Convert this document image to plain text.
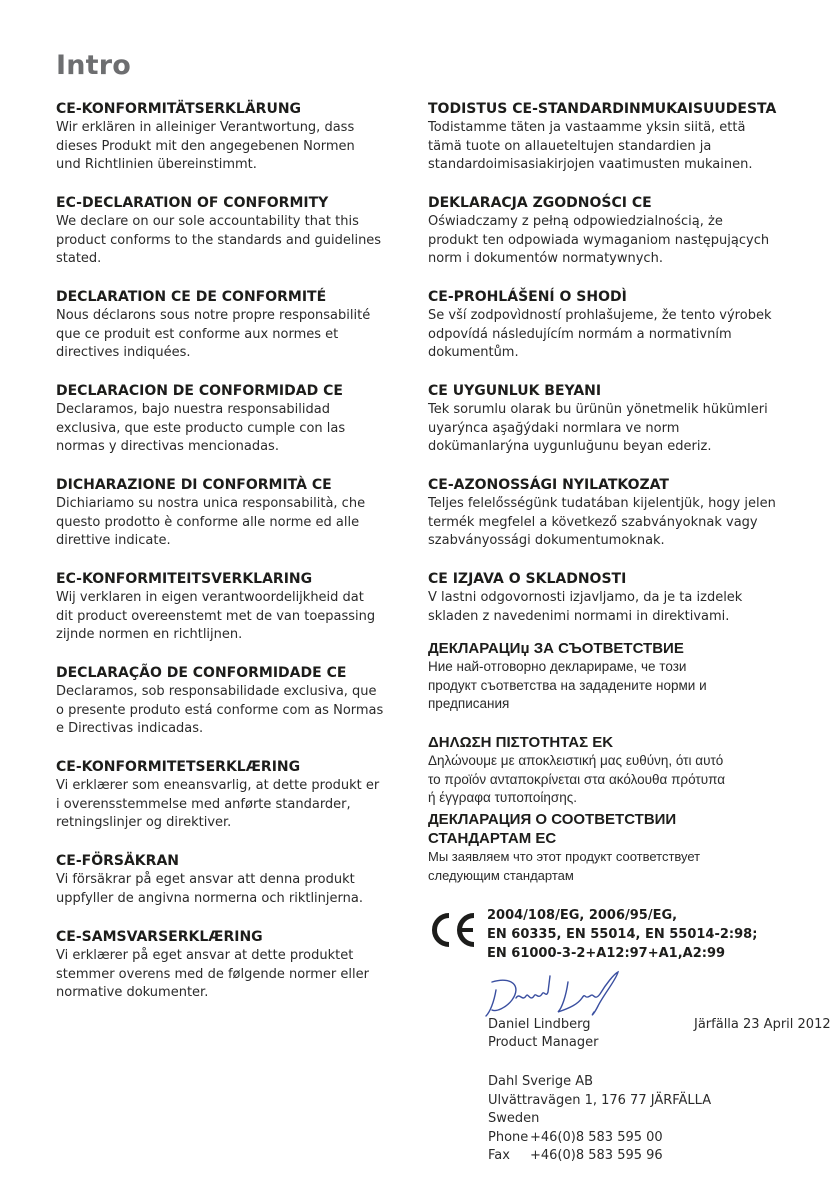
Intro
CE-KONFORMITÄTSERKLÄRUNG

Wir erklären in alleiniger Verantwortung, dass
dieses Produkt mit den angegebenen Normen
und Richtlinien übereinstimmt.

EC-DECLARATION OF CONFORMITY

We declare on our sole accountability that this
product conforms to the standards and guidelines
stated.

DECLARATION CE DE CONFORMITÉ

Nous déclarons sous notre propre responsabilité
que ce produit est conforme aux normes et
directives indiquées.

DECLARACION DE CONFORMIDAD CE

Declaramos, bajo nuestra responsabilidad
exclusiva, que este producto cumple con las
normas y directivas mencionadas.

DICHARAZIONE DI CONFORMITÀ CE

Dichiariamo su nostra unica responsabilità, che
questo prodotto è conforme alle norme ed alle
direttive indicate.

EC-KONFORMITEITSVERKLARING

Wij verklaren in eigen verantwoordelijkheid dat
dit product overeenstemt met de van toepassing
zijnde normen en richtlijnen.

DECLARAÇÃO DE CONFORMIDADE CE

Declaramos, sob responsabilidade exclusiva, que
o presente produto está conforme com as Normas
e Directivas indicadas.

CE-KONFORMITETSERKLÆRING

Vi erklærer som eneansvarlig, at dette produkt er
i overensstemmelse med anførte standarder,
retningslinjer og direktiver.

CE-FÖRSÄKRAN

Vi försäkrar på eget ansvar att denna produkt
uppfyller de angivna normerna och riktlinjerna.

CE-SAMSVARSERKLÆRING

Vi erklærer på eget ansvar at dette produktet
stemmer overens med de følgende normer eller
normative dokumenter.

TODISTUS CE-STANDARDINMUKAISUUDESTA

Todistamme täten ja vastaamme yksin siitä, että
tämä tuote on allaueteltujen standardien ja
standardoimisasiakirjojen vaatimusten mukainen.

DEKLARACJA ZGODNOŚCI CE

Oświadczamy z pełną odpowiedzialnością, że
produkt ten odpowiada wymaganiom następujących
norm i dokumentów normatywnych.

CE-PROHLÁŠENÍ O SHODÌ

Se vší zodpovìdností prohlašujeme, že tento výrobek
odpovídá následujícím normám a normativním
dokumentům.

CE UYGUNLUK BEYANI

Tek sorumlu olarak bu ürünün yönetmelik hükümleri
uyarýnca aşağýdaki normlara ve norm
dokümanlarýna uygunluğunu beyan ederiz.

CE-AZONOSSÁGI NYILATKOZAT

Teljes felelősségünk tudatában kijelentjük, hogy jelen
termék megfelel a következő szabványoknak vagy
szabványossági dokumentumoknak.

CE IZJAVA O SKLADNOSTI

V lastni odgovornosti izjavljamo, da je ta izdelek
skladen z navedenimi normami in direktivami.

ДЕКЛАРАЦИџ ЗА СЪОТВЕТСТВИЕ

Ние най-отговорно декларираме, че този
продукт съответства на зададените норми и
предписания

ΔΗΛΩΣΗ ΠΙΣΤΟΤΗΤΑΣ ΕΚ

Δηλώνουμε με αποκλειστική μας ευθύνη, ότι αυτό
το προϊόν ανταποκρίνεται στα ακόλουθα πρότυπα
ή έγγραφα τυποποίησης.

ДЕКЛАРАЦИЯ О СООТВЕТСТВИИ
СТАНДАРТАМ ЕС

Мы заявляем что этот продукт соответствует
следующим стандартам

2004/108/EG, 2006/95/EG,
EN 60335, EN 55014, EN 55014-2:98;
EN 61000-3-2+A12:97+A1,A2:99

Daniel Lindberg
Product Manager
Järfälla 23 April 2012
Dahl Sverige AB
Ulvättravägen 1, 176 77 JÄRFÄLLA
Sweden
Phone +46(0)8 583 595 00
Fax +46(0)8 583 595 96
